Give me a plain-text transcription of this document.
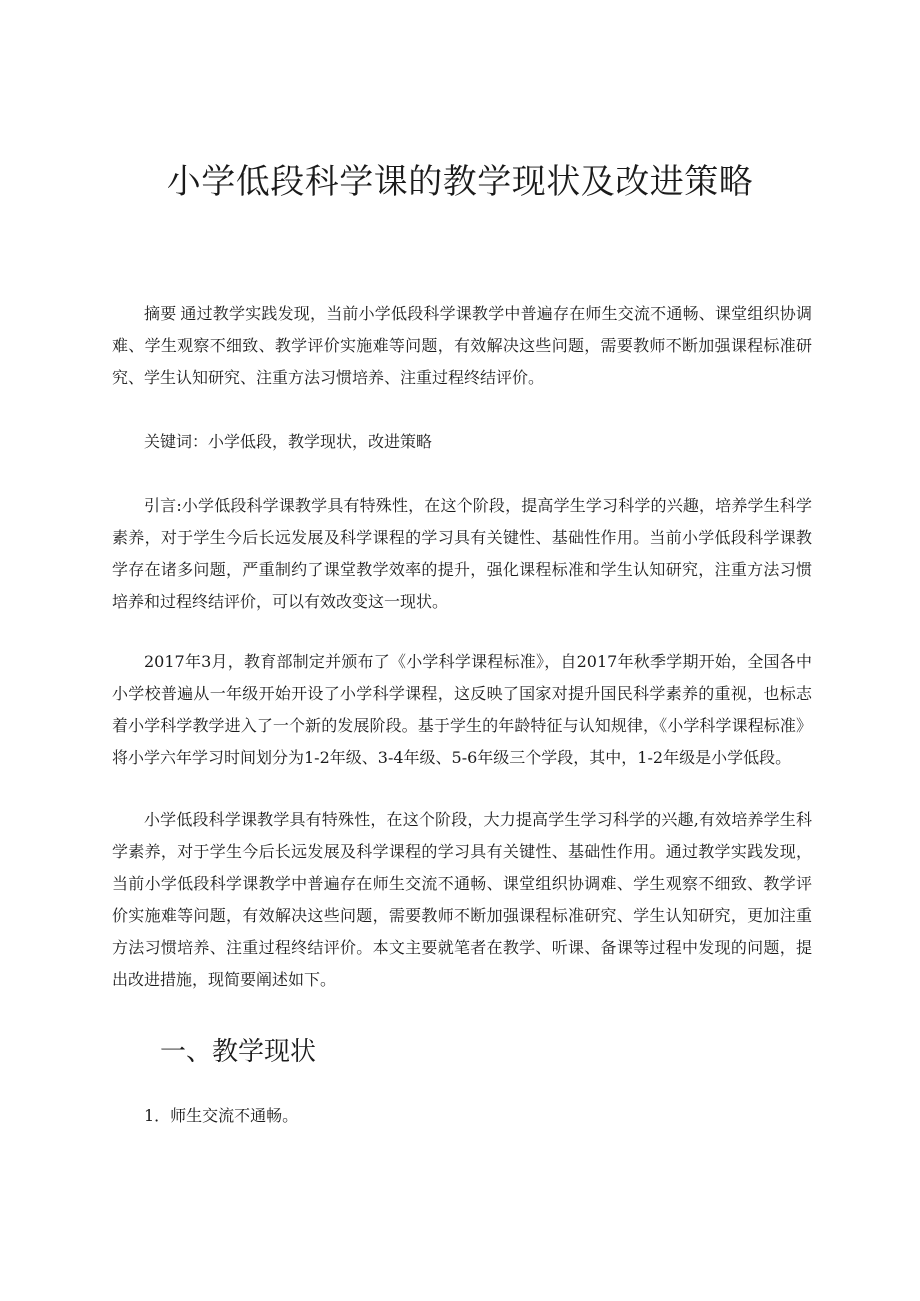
小学低段科学课的教学现状及改进策略

摘要 通过教学实践发现，当前小学低段科学课教学中普遍存在师生交流不通畅、课堂组织协调难、学生观察不细致、教学评价实施难等问题，有效解决这些问题，需要教师不断加强课程标准研究、学生认知研究、注重方法习惯培养、注重过程终结评价。

关键词：小学低段，教学现状，改进策略

引言:小学低段科学课教学具有特殊性，在这个阶段，提高学生学习科学的兴趣，培养学生科学素养，对于学生今后长远发展及科学课程的学习具有关键性、基础性作用。当前小学低段科学课教学存在诸多问题，严重制约了课堂教学效率的提升，强化课程标准和学生认知研究，注重方法习惯培养和过程终结评价，可以有效改变这一现状。

2017年3月，教育部制定并颁布了《小学科学课程标准》，自2017年秋季学期开始，全国各中小学校普遍从一年级开始开设了小学科学课程，这反映了国家对提升国民科学素养的重视，也标志着小学科学教学进入了一个新的发展阶段。基于学生的年龄特征与认知规律，《小学科学课程标准》将小学六年学习时间划分为1-2年级、3-4年级、5-6年级三个学段，其中，1-2年级是小学低段。

小学低段科学课教学具有特殊性，在这个阶段，大力提高学生学习科学的兴趣,有效培养学生科学素养，对于学生今后长远发展及科学课程的学习具有关键性、基础性作用。通过教学实践发现，当前小学低段科学课教学中普遍存在师生交流不通畅、课堂组织协调难、学生观察不细致、教学评价实施难等问题，有效解决这些问题，需要教师不断加强课程标准研究、学生认知研究，更加注重方法习惯培养、注重过程终结评价。本文主要就笔者在教学、听课、备课等过程中发现的问题，提出改进措施，现简要阐述如下。

一、教学现状

1．师生交流不通畅。
